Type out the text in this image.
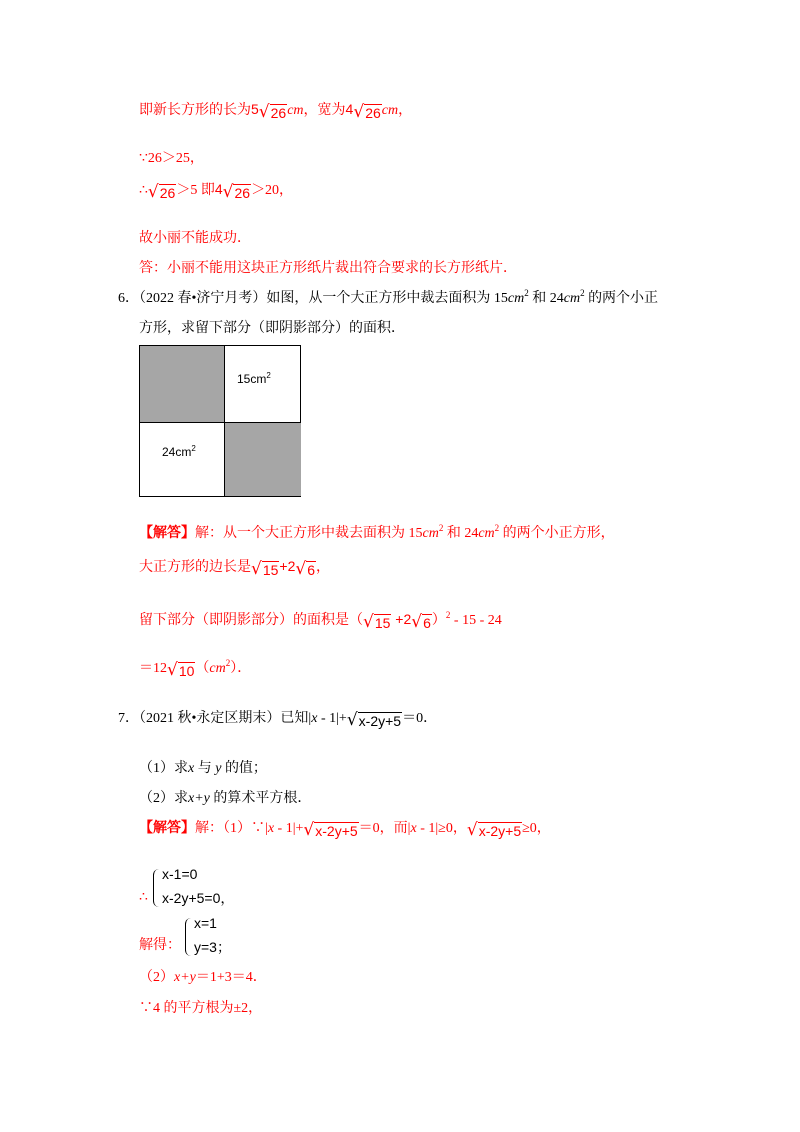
即新长方形的长为5 √ 26 cm，宽为4 √ 26 cm，
∵26＞25，
∴ √ 26 ＞5 即4 √ 26 ＞20，
故小丽不能成功．
答：小丽不能用这块正方形纸片裁出符合要求的长方形纸片．
6．（2022 春•济宁月考）如图，从一个大正方形中裁去面积为 $15cm^2$ 和 $24cm^2$ 的两个小正
方形，求留下部分（即阴影部分）的面积．
$15cm^2$
$24cm^2$
【解答】解：从一个大正方形中裁去面积为 $15cm^2$ 和 $24cm^2$ 的两个小正方形，
大正方形的边长是 √ 15 +2 √ 6 ，
留下部分（即阴影部分）的面积是（ √ 15 +2 √ 6 ）$^2$ - 15 - 24
＝12 √ 10 $(cm^2)$．
7．（2021 秋•永定区期末）已知|x - 1|+ √ x-2y+5 ＝0．
（1）求x 与 y 的值；
（2）求x+y 的算术平方根．
【解答】解：（1）∵|x - 1|+ √ x-2y+5 ＝0，而|x - 1|≥0， √ x-2y+5 ≥0，
∴
x-1=0
x-2y+5=0，
解得：
x=1
y=3；
（2）x+y＝1+3＝4．
∵4 的平方根为±2，
